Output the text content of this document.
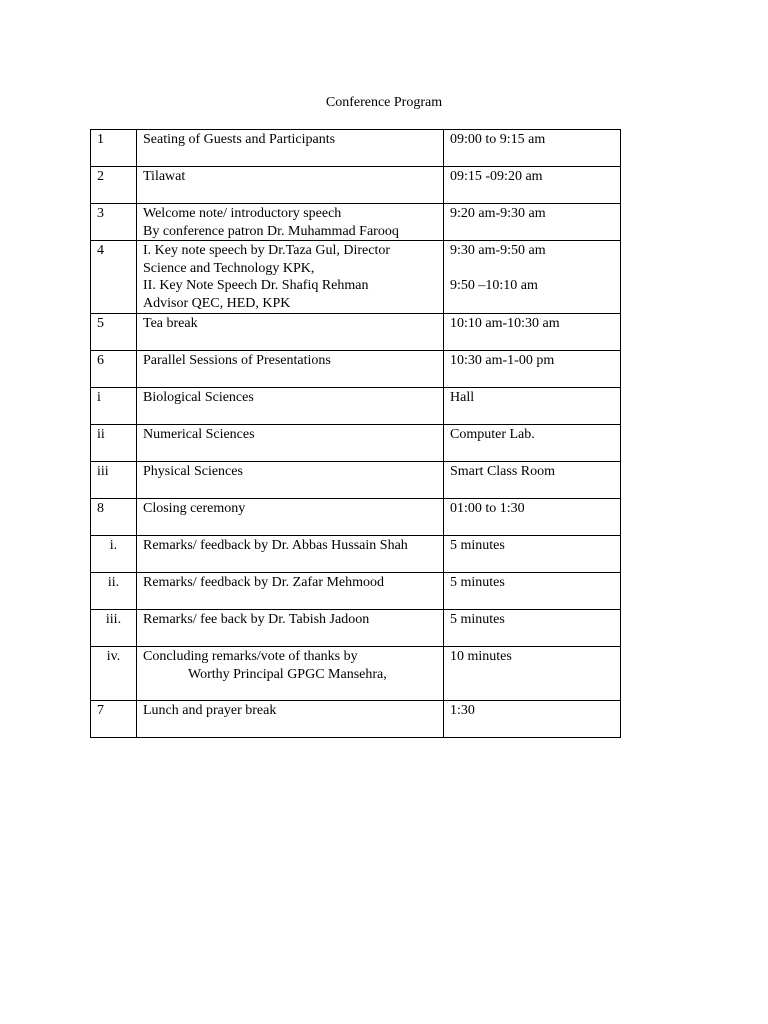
Conference Program
1	Seating of Guests and Participants	09:00 to 9:15 am

2	Tilawat	09:15 -09:20 am

3	Welcome note/ introductory speech
By conference patron Dr. Muhammad Farooq	9:20 am-9:30 am

4	I. Key note speech by Dr.Taza Gul, Director
Science and Technology KPK,
II. Key Note Speech Dr. Shafiq Rehman
Advisor QEC, HED, KPK	9:30 am-9:50 am
9:50 –10:10 am

5	Tea break	10:10 am-10:30 am

6	Parallel Sessions of Presentations	10:30 am-1-00 pm

i	Biological Sciences	Hall

ii	Numerical Sciences	Computer Lab.

iii	Physical Sciences	Smart Class Room

8	Closing ceremony	01:00 to 1:30

i.	Remarks/ feedback by Dr. Abbas Hussain Shah	5 minutes

ii.	Remarks/ feedback by Dr. Zafar Mehmood	5 minutes

iii.	Remarks/ fee back by Dr. Tabish Jadoon	5 minutes

iv.	Concluding remarks/vote of thanks by
Worthy Principal GPGC Mansehra,	10 minutes

7	Lunch and prayer break	1:30
